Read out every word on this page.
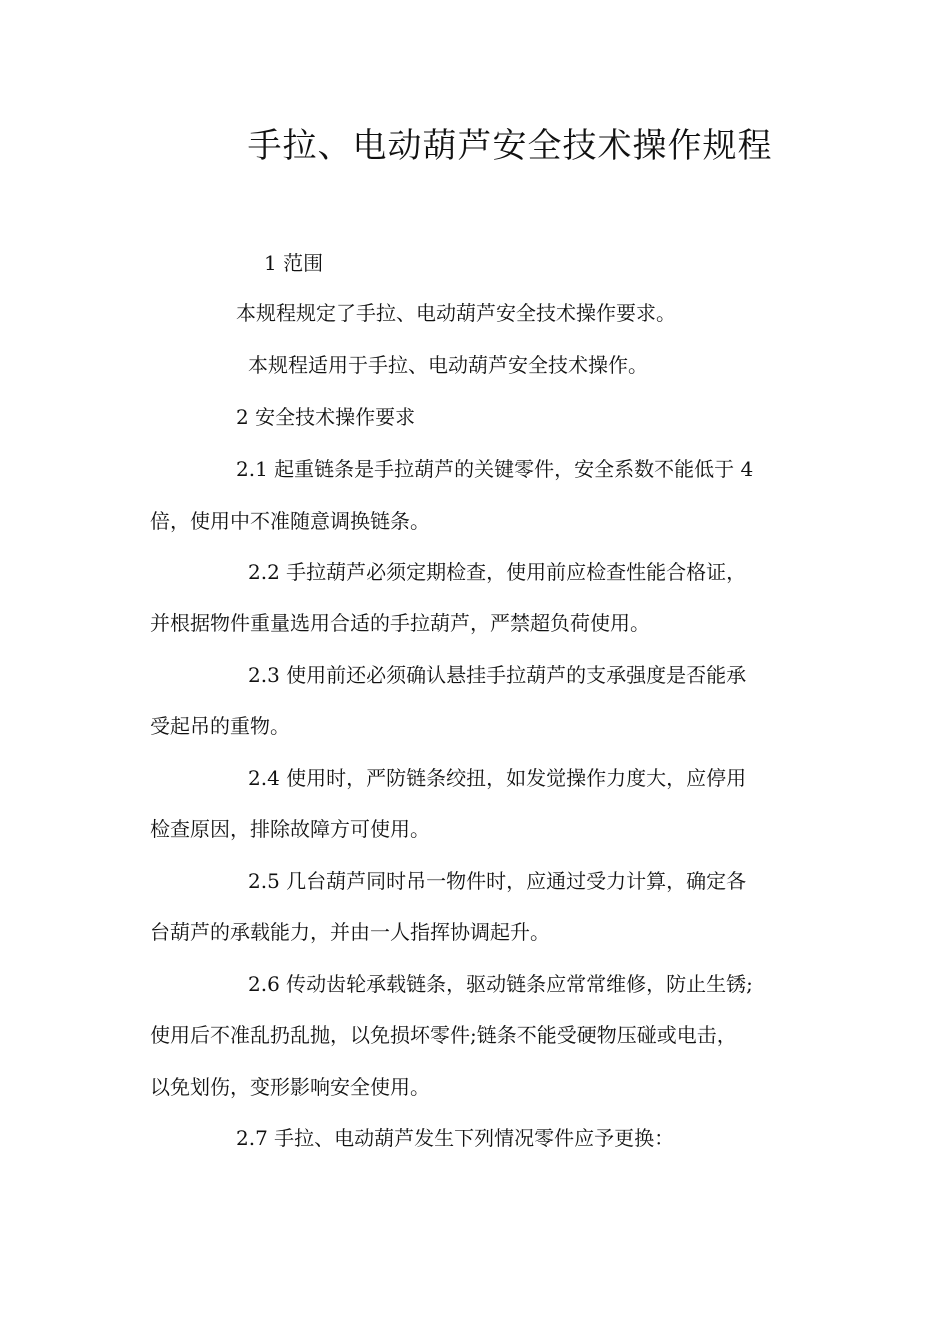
手拉、电动葫芦安全技术操作规程
1 范围
本规程规定了手拉、电动葫芦安全技术操作要求。
本规程适用于手拉、电动葫芦安全技术操作。
2 安全技术操作要求
2.1 起重链条是手拉葫芦的关键零件，安全系数不能低于 4
倍，使用中不准随意调换链条。
2.2 手拉葫芦必须定期检查，使用前应检查性能合格证，
并根据物件重量选用合适的手拉葫芦，严禁超负荷使用。
2.3 使用前还必须确认悬挂手拉葫芦的支承强度是否能承
受起吊的重物。
2.4 使用时，严防链条绞扭，如发觉操作力度大，应停用
检查原因，排除故障方可使用。
2.5 几台葫芦同时吊一物件时，应通过受力计算，确定各
台葫芦的承载能力，并由一人指挥协调起升。
2.6 传动齿轮承载链条，驱动链条应常常维修，防止生锈;
使用后不准乱扔乱抛，以免损坏零件;链条不能受硬物压碰或电击，
以免划伤，变形影响安全使用。
2.7 手拉、电动葫芦发生下列情况零件应予更换：
